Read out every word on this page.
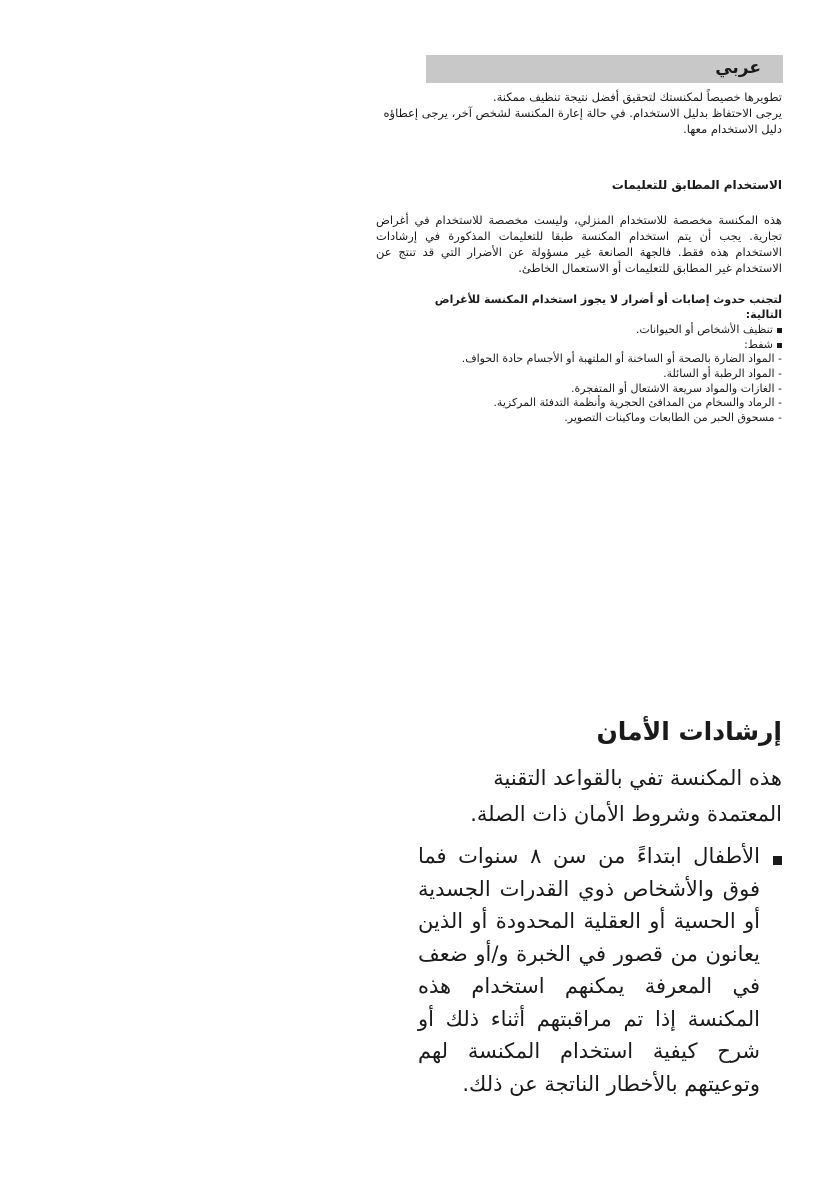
عربي

تطويرها خصيصاً لمكنستك لتحقيق أفضل نتيجة تنظيف ممكنة.

يرجى الاحتفاظ بدليل الاستخدام. في حالة إعارة المكنسة لشخص آخر، يرجى إعطاؤه دليل الاستخدام معها.

الاستخدام المطابق للتعليمات

هذه المكنسة مخصصة للاستخدام المنزلي، وليست مخصصة للاستخدام في أغراض تجارية. يجب أن يتم استخدام المكنسة طبقا للتعليمات المذكورة في إرشادات الاستخدام هذه فقط. فالجهة الصانعة غير مسؤولة عن الأضرار التي قد تنتج عن الاستخدام غير المطابق للتعليمات أو الاستعمال الخاطئ.

لتجنب حدوث إصابات أو أضرار لا يجوز استخدام المكنسة للأغراض التالية:

تنظيف الأشخاص أو الحيوانات.

شفط:

- المواد الضارة بالصحة أو الساخنة أو الملتهبة أو الأجسام حادة الحواف.
- المواد الرطبة أو السائلة.
- الغازات والمواد سريعة الاشتعال أو المتفجرة.
- الرماد والسخام من المدافئ الحجرية وأنظمة التدفئة المركزية.
- مسحوق الحبر من الطابعات وماكينات التصوير.
إرشادات الأمان

هذه المكنسة تفي بالقواعد التقنية المعتمدة وشروط الأمان ذات الصلة.

الأطفال ابتداءً من سن ٨ سنوات فما فوق والأشخاص ذوي القدرات الجسدية أو الحسية أو العقلية المحدودة أو الذين يعانون من قصور في الخبرة و/أو ضعف في المعرفة يمكنهم استخدام هذه المكنسة إذا تم مراقبتهم أثناء ذلك أو شرح كيفية استخدام المكنسة لهم وتوعيتهم بالأخطار الناتجة عن ذلك.
